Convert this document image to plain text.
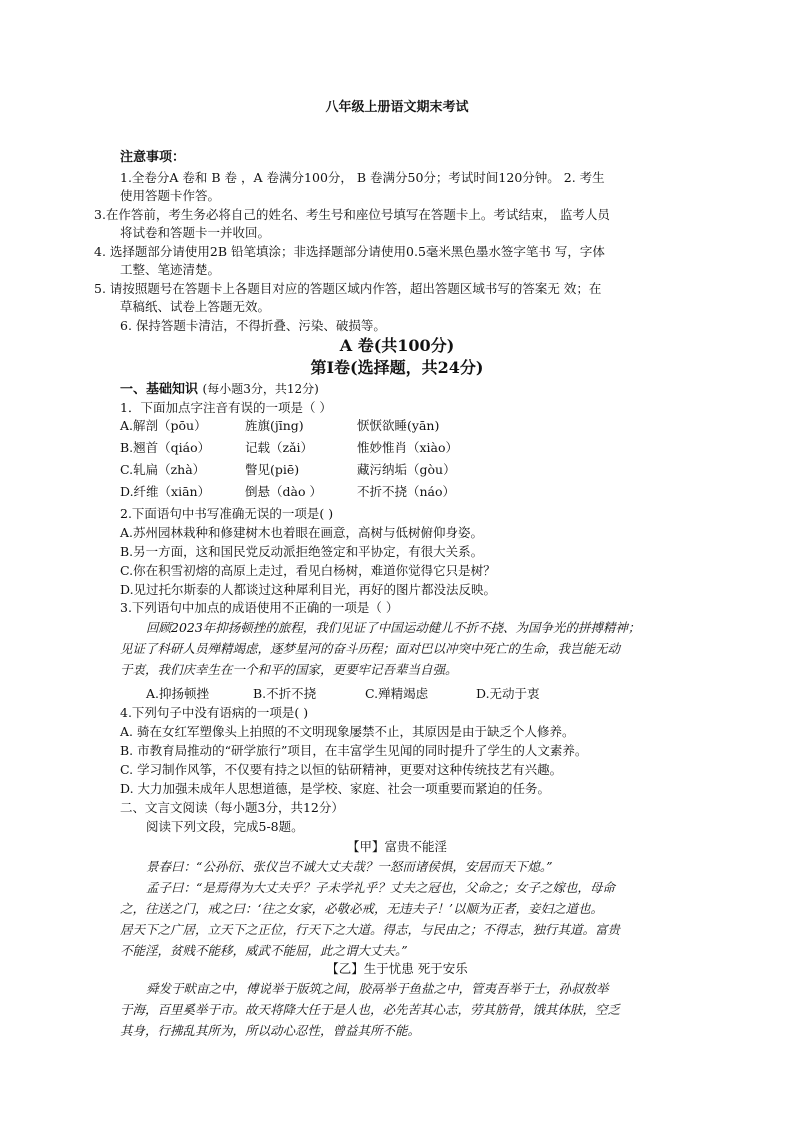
八年级上册语文期末考试
注意事项：
1.全卷分A 卷和 B 卷 ，A 卷满分100分， B 卷满分50分；考试时间120分钟。 2. 考生
使用答题卡作答。
3.在作答前，考生务必将自己的姓名、考生号和座位号填写在答题卡上。考试结束， 监考人员
将试卷和答题卡一并收回。
4. 选择题部分请使用2B 铅笔填涂；非选择题部分请使用0.5毫米黑色墨水签字笔书 写，字体
工整、笔迹清楚。
5. 请按照题号在答题卡上各题目对应的答题区域内作答，超出答题区域书写的答案无 效；在
草稿纸、试卷上答题无效。
6. 保持答题卡清洁，不得折叠、污染、破损等。
A 卷(共100分)
第Ⅰ卷(选择题，共24分)
一、基础知识 (每小题3分，共12分)
1．下面加点字注音有误的一项是（ ）
A.解剖（pōu）	旌旗(jīng)	恹恹欲睡(yān)
B.翘首（qiáo）	记载（zǎi）	惟妙惟肖（xiào）
C.轧扁（zhà）	瞥见(piē)	藏污纳垢（gòu）
D.纤维（xiān）	倒悬（dào ）	不折不挠（náo）
2.下面语句中书写准确无误的一项是( )
A.苏州园林栽种和修建树木也着眼在画意，高树与低树俯仰身姿。
B.另一方面，这和国民党反动派拒绝签定和平协定，有很大关系。
C.你在积雪初熔的高原上走过，看见白杨树，难道你觉得它只是树？
D.见过托尔斯泰的人都谈过这种犀利目光，再好的图片都没法反映。
3.下列语句中加点的成语使用不正确的一项是（ ）
回顾2023年抑扬顿挫的旅程，我们见证了中国运动健儿不折不挠、为国争光的拼搏精神；
见证了科研人员殚精竭虑，逐梦星河的奋斗历程；面对巴以冲突中死亡的生命，我岂能无动
于衷，我们庆幸生在一个和平的国家，更要牢记吾辈当自强。
A.抑扬顿挫	B.不折不挠	C.殚精竭虑	D.无动于衷
4.下列句子中没有语病的一项是( )
A. 骑在女红军塑像头上拍照的不文明现象屡禁不止，其原因是由于缺乏个人修养。
B. 市教育局推动的“研学旅行”项目，在丰富学生见闻的同时提升了学生的人文素养。
C. 学习制作风筝，不仅要有持之以恒的钻研精神，更要对这种传统技艺有兴趣。
D. 大力加强未成年人思想道德，是学校、家庭、社会一项重要而紧迫的任务。
二、文言文阅读（每小题3分，共12分）
阅读下列文段，完成5-8题。
【甲】富贵不能淫
景春曰：“公孙衍、张仪岂不诚大丈夫哉？一怒而诸侯惧，安居而天下熄。”
孟子曰：“是焉得为大丈夫乎？子未学礼乎？丈夫之冠也，父命之；女子之嫁也，母命
之，往送之门，戒之曰：‘往之女家，必敬必戒，无违夫子！’以顺为正者，妾妇之道也。
居天下之广居，立天下之正位，行天下之大道。得志，与民由之；不得志，独行其道。富贵
不能淫，贫贱不能移，威武不能屈，此之谓大丈夫。”
【乙】生于忧患 死于安乐
舜发于畎亩之中，傅说举于版筑之间，胶鬲举于鱼盐之中，管夷吾举于士，孙叔敖举
于海，百里奚举于市。故天将降大任于是人也，必先苦其心志，劳其筋骨，饿其体肤，空乏
其身，行拂乱其所为，所以动心忍性，曾益其所不能。
